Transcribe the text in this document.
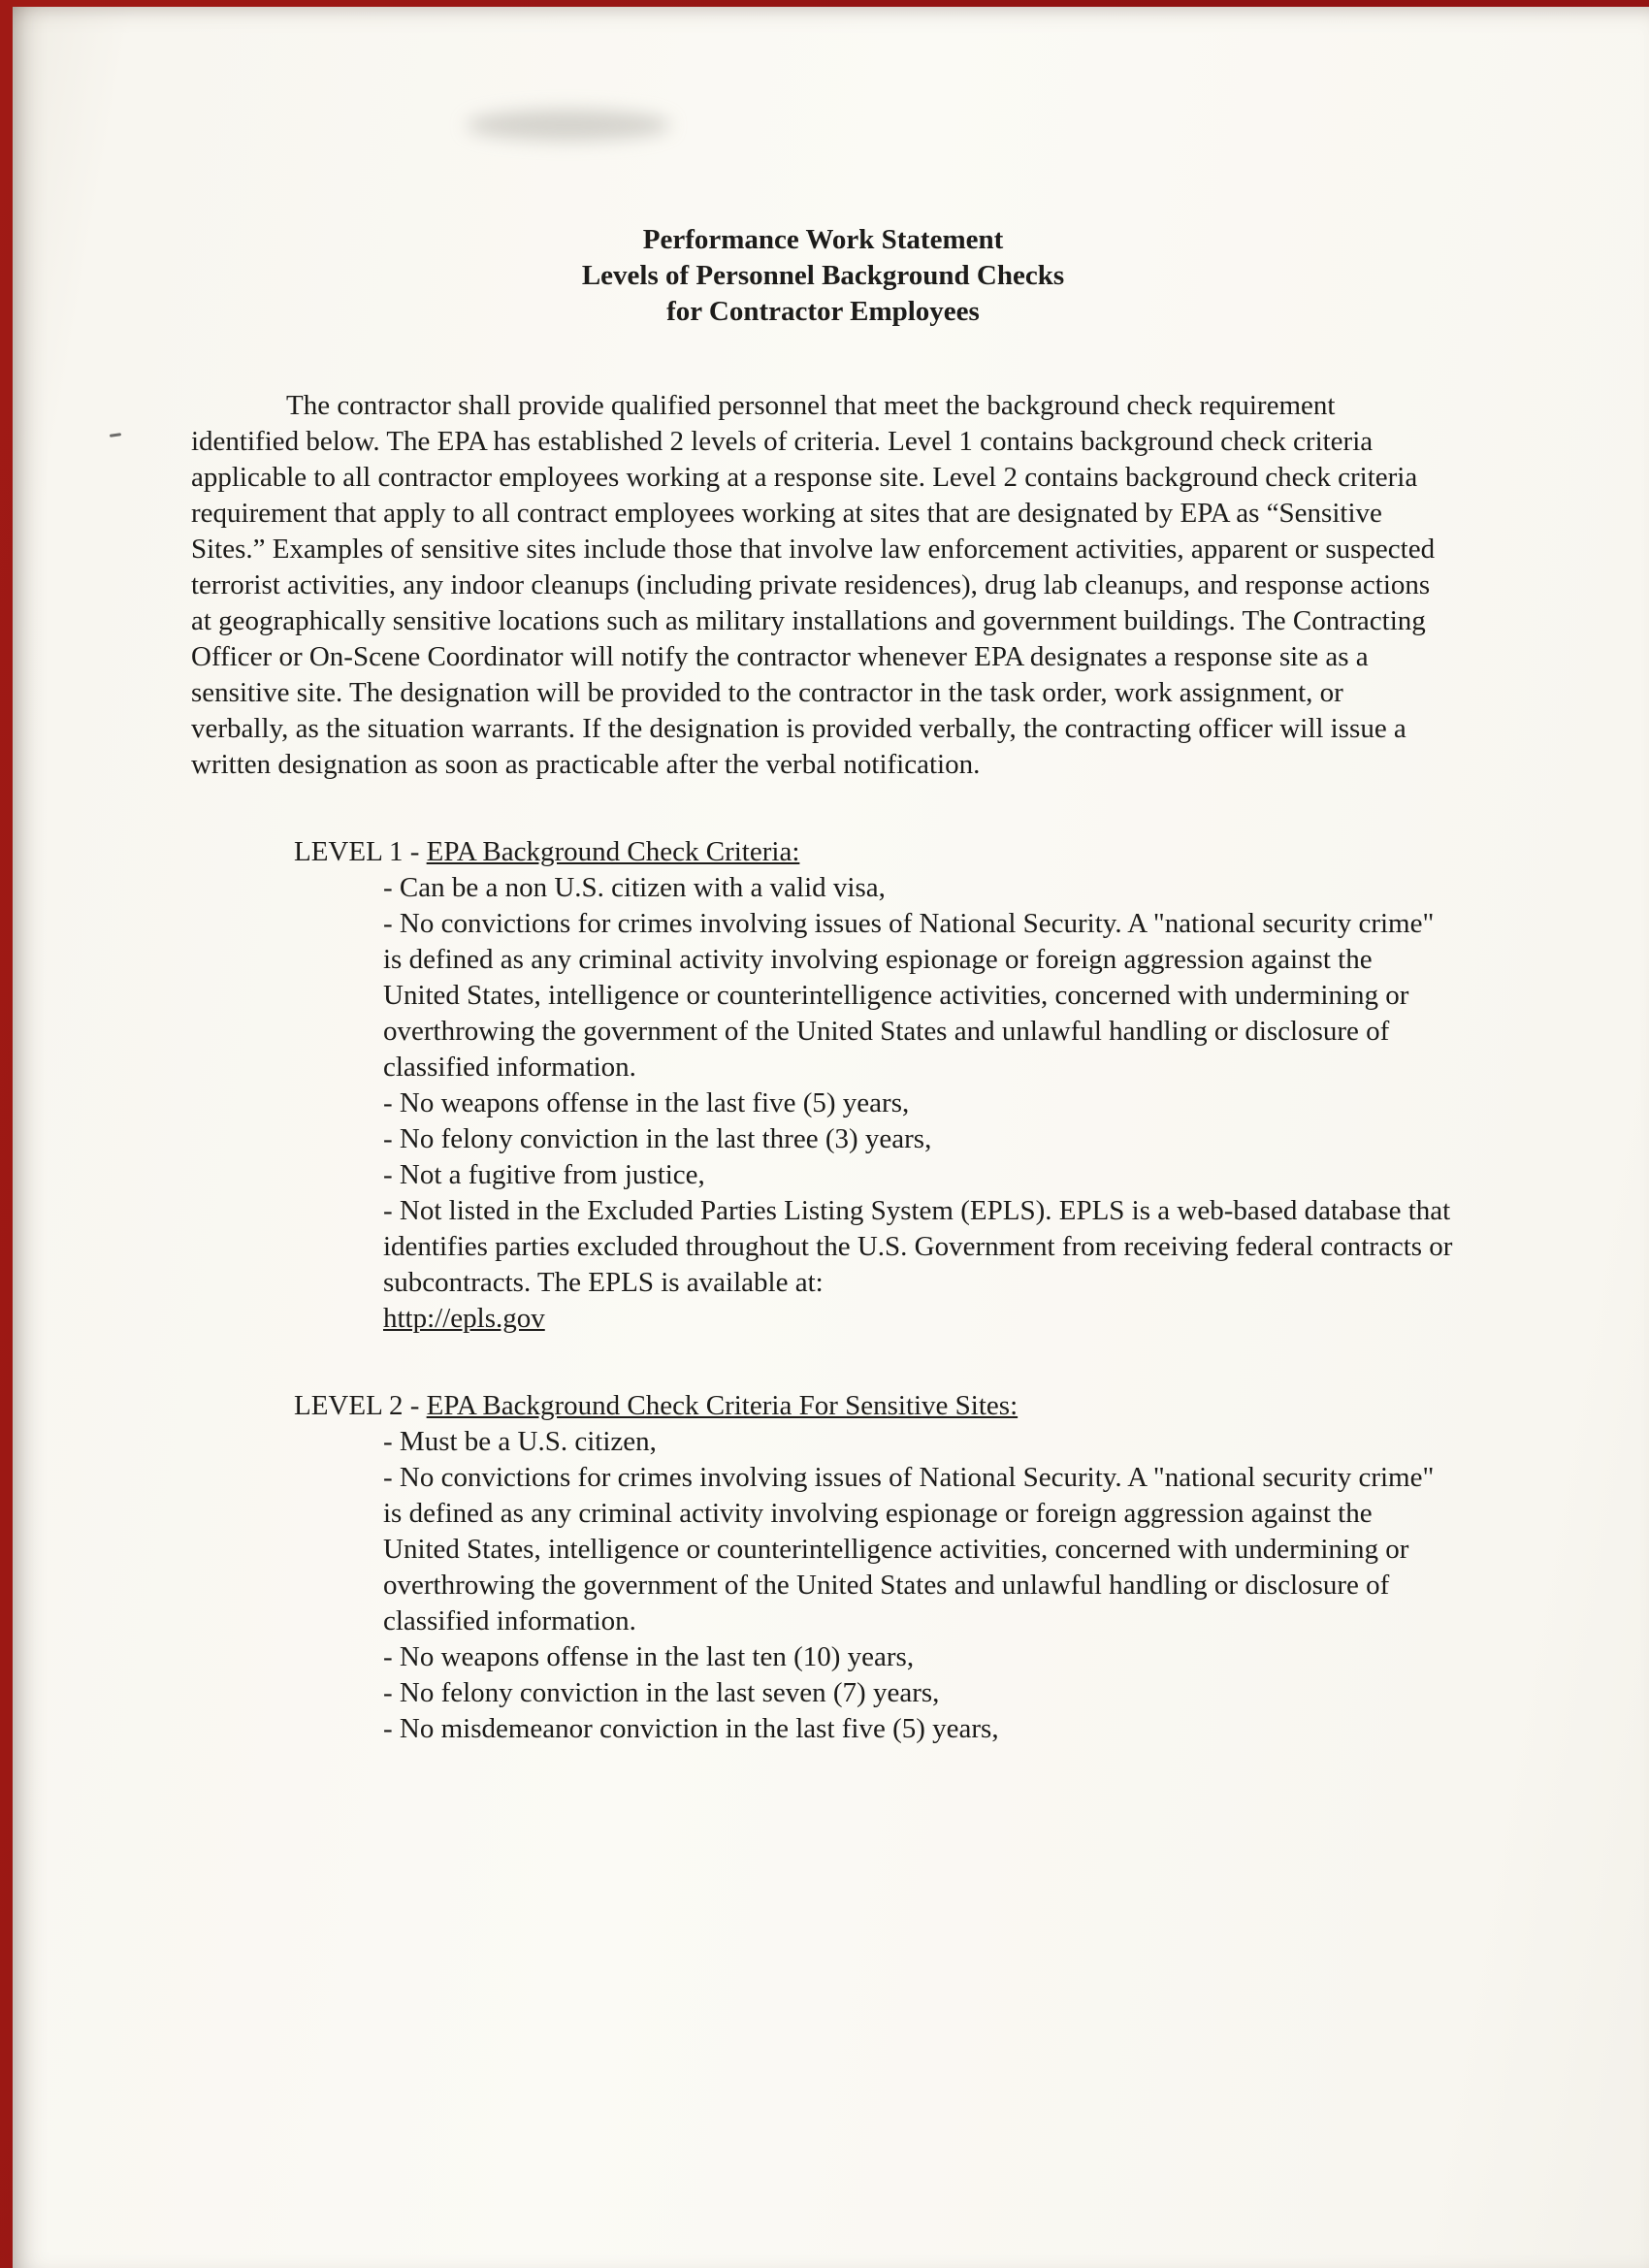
Performance Work Statement

Levels of Personnel Background Checks

for Contractor Employees

The contractor shall provide qualified personnel that meet the background check requirement identified below. The EPA has established 2 levels of criteria. Level 1 contains background check criteria applicable to all contractor employees working at a response site. Level 2 contains background check criteria requirement that apply to all contract employees working at sites that are designated by EPA as “Sensitive Sites.” Examples of sensitive sites include those that involve law enforcement activities, apparent or suspected terrorist activities, any indoor cleanups (including private residences), drug lab cleanups, and response actions at geographically sensitive locations such as military installations and government buildings. The Contracting Officer or On-Scene Coordinator will notify the contractor whenever EPA designates a response site as a sensitive site. The designation will be provided to the contractor in the task order, work assignment, or verbally, as the situation warrants. If the designation is provided verbally, the contracting officer will issue a written designation as soon as practicable after the verbal notification.

LEVEL 1 - EPA Background Check Criteria:

- Can be a non U.S. citizen with a valid visa,

- No convictions for crimes involving issues of National Security. A "national security crime" is defined as any criminal activity involving espionage or foreign aggression against the United States, intelligence or counterintelligence activities, concerned with undermining or overthrowing the government of the United States and unlawful handling or disclosure of classified information.

- No weapons offense in the last five (5) years,

- No felony conviction in the last three (3) years,

- Not a fugitive from justice,

- Not listed in the Excluded Parties Listing System (EPLS). EPLS is a web-based database that identifies parties excluded throughout the U.S. Government from receiving federal contracts or subcontracts. The EPLS is available at:

http://epls.gov

LEVEL 2 - EPA Background Check Criteria For Sensitive Sites:

- Must be a U.S. citizen,

- No convictions for crimes involving issues of National Security. A "national security crime" is defined as any criminal activity involving espionage or foreign aggression against the United States, intelligence or counterintelligence activities, concerned with undermining or overthrowing the government of the United States and unlawful handling or disclosure of classified information.

- No weapons offense in the last ten (10) years,

- No felony conviction in the last seven (7) years,

- No misdemeanor conviction in the last five (5) years,
